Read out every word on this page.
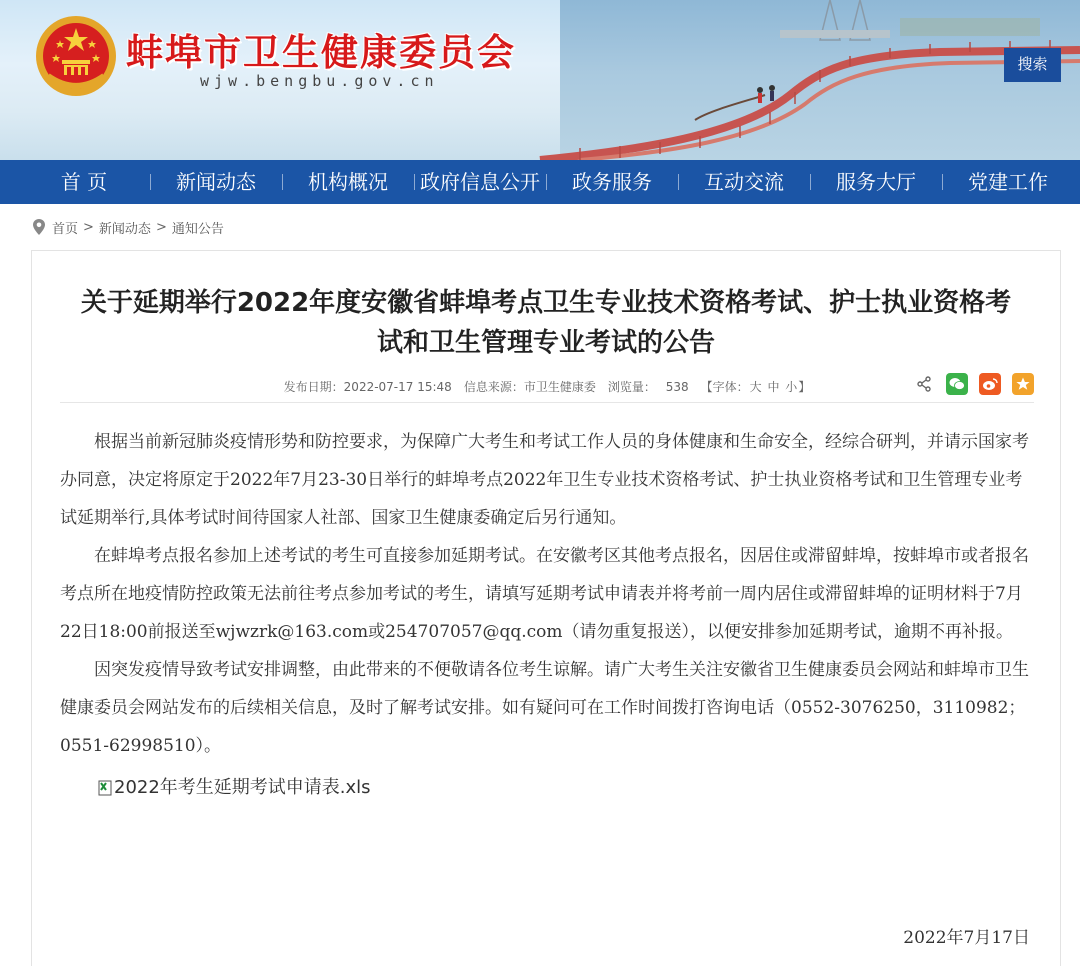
蚌埠市卫生健康委员会
wjw.bengbu.gov.cn
搜索
首 页	新闻动态	机构概况	政府信息公开	政务服务	互动交流	服务大厅	党建工作
首页 > 新闻动态 > 通知公告
关于延期举行2022年度安徽省蚌埠考点卫生专业技术资格考试、护士执业资格考
试和卫生管理专业考试的公告
发布日期：2022-07-17 15:48 信息来源：市卫生健康委 浏览量： 538 【字体：大 中 小】

根据当前新冠肺炎疫情形势和防控要求，为保障广大考生和考试工作人员的身体健康和生命安全，经综合研判，并请示国家考办同意，决定将原定于2022年7月23-30日举行的蚌埠考点2022年卫生专业技术资格考试、护士执业资格考试和卫生管理专业考试延期举行,具体考试时间待国家人社部、国家卫生健康委确定后另行通知。

在蚌埠考点报名参加上述考试的考生可直接参加延期考试。在安徽考区其他考点报名，因居住或滞留蚌埠，按蚌埠市或者报名考点所在地疫情防控政策无法前往考点参加考试的考生，请填写延期考试申请表并将考前一周内居住或滞留蚌埠的证明材料于7月22日18:00前报送至wjwzrk@163.com或254707057@qq.com（请勿重复报送），以便安排参加延期考试，逾期不再补报。

因突发疫情导致考试安排调整，由此带来的不便敬请各位考生谅解。请广大考生关注安徽省卫生健康委员会网站和蚌埠市卫生健康委员会网站发布的后续相关信息，及时了解考试安排。如有疑问可在工作时间拨打咨询电话（0552-3076250，3110982；0551-62998510）。

2022年考生延期考试申请表.xls
2022年7月17日
